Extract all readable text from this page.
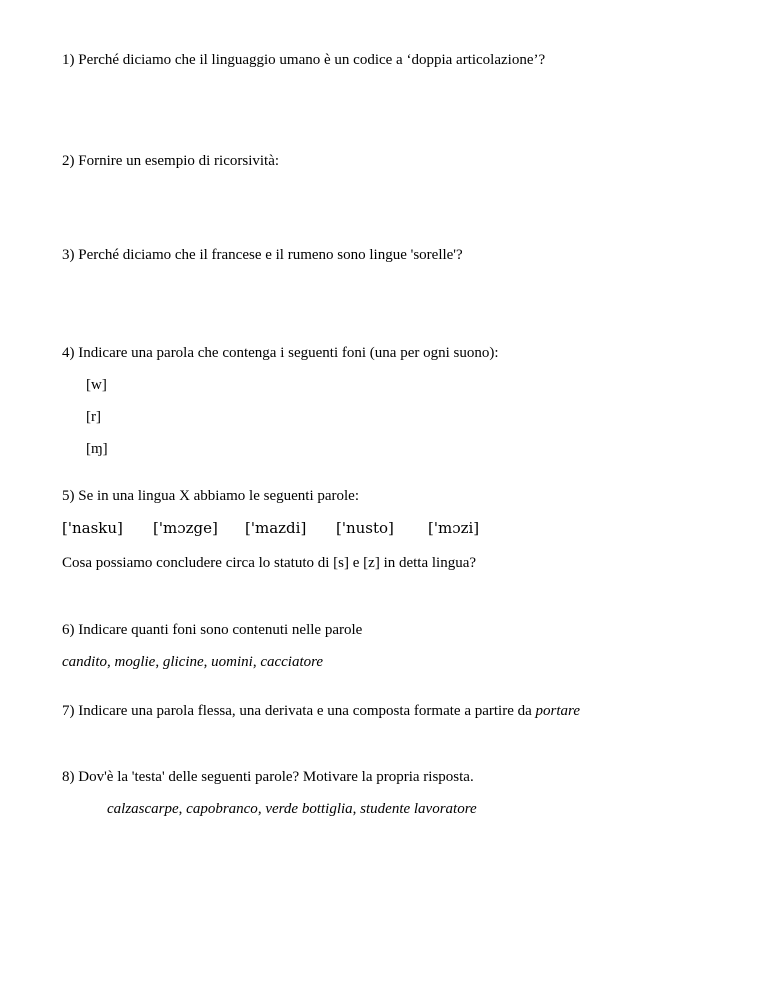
1) Perché diciamo che il linguaggio umano è un codice a ‘doppia articolazione’?
2) Fornire un esempio di ricorsività:
3) Perché diciamo che il francese e il rumeno sono lingue 'sorelle'?
4) Indicare una parola che contenga i seguenti foni (una per ogni suono):
[w]
[r]
[ɱ]
5) Se in una lingua X abbiamo le seguenti parole:
['nasku] ['mɔzge] ['mazdi] ['nusto] ['mɔzi]
Cosa possiamo concludere circa lo statuto di [s] e [z] in detta lingua?
6) Indicare quanti foni sono contenuti nelle parole
candito, moglie, glicine, uomini, cacciatore
7) Indicare una parola flessa, una derivata e una composta formate a partire da portare
8) Dov'è la 'testa' delle seguenti parole? Motivare la propria risposta.
calzascarpe, capobranco, verde bottiglia, studente lavoratore
